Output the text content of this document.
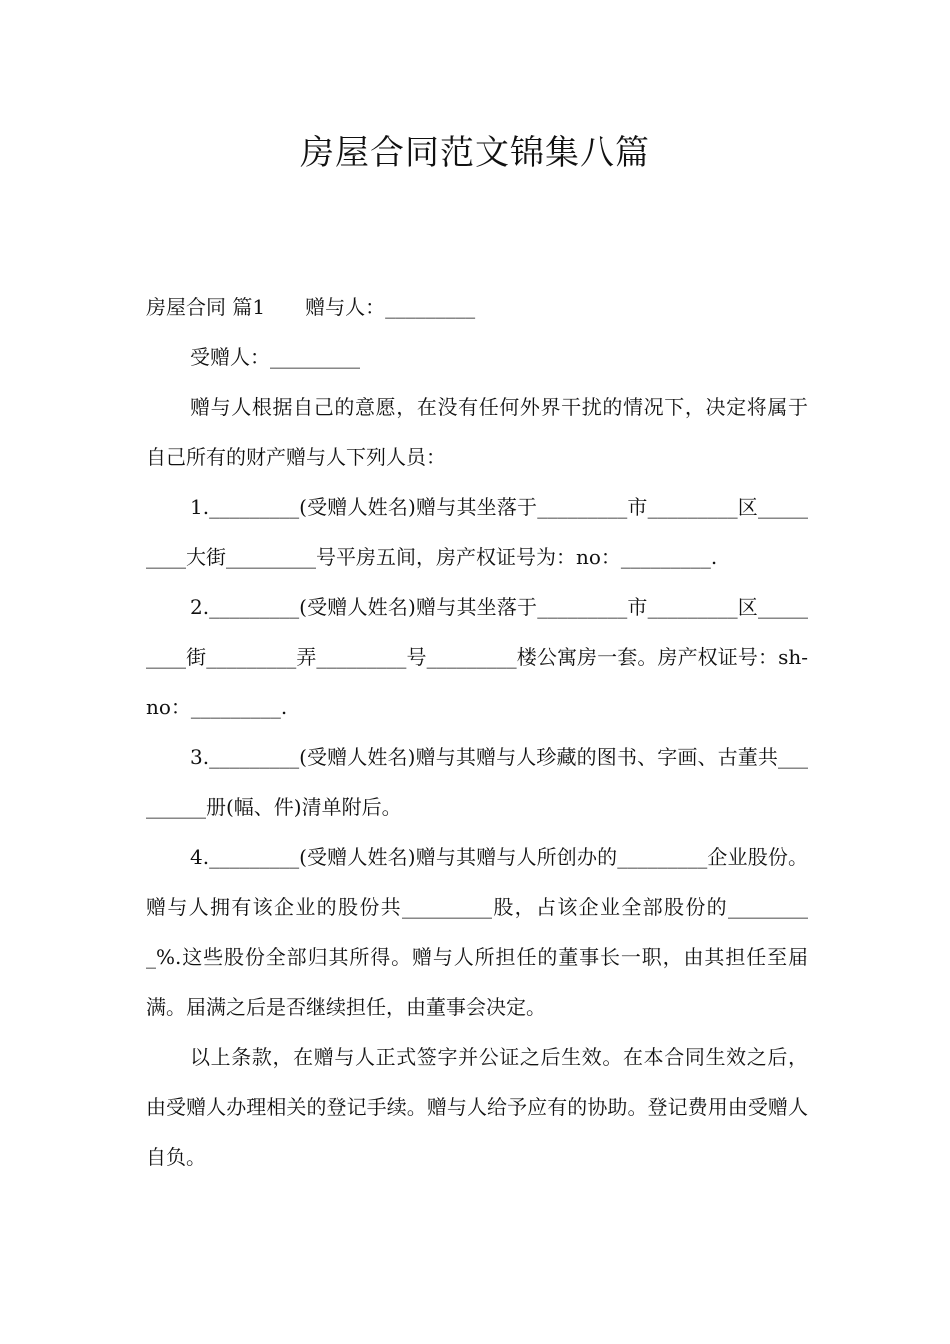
房屋合同范文锦集八篇

房屋合同 篇1 赠与人：_________

受赠人：_________

赠与人根据自己的意愿，在没有任何外界干扰的情况下，决定将属于自己所有的财产赠与人下列人员：

1._________(受赠人姓名)赠与其坐落于_________市_________区_________大街_________号平房五间，房产权证号为：no：_________.

2._________(受赠人姓名)赠与其坐落于_________市_________区_________街_________弄_________号_________楼公寓房一套。房产权证号：sh-no：_________.

3._________(受赠人姓名)赠与其赠与人珍藏的图书、字画、古董共_________册(幅、件)清单附后。

4._________(受赠人姓名)赠与其赠与人所创办的_________企业股份。赠与人拥有该企业的股份共_________股，占该企业全部股份的_________%.这些股份全部归其所得。赠与人所担任的董事长一职，由其担任至届满。届满之后是否继续担任，由董事会决定。

以上条款，在赠与人正式签字并公证之后生效。在本合同生效之后，由受赠人办理相关的登记手续。赠与人给予应有的协助。登记费用由受赠人自负。
